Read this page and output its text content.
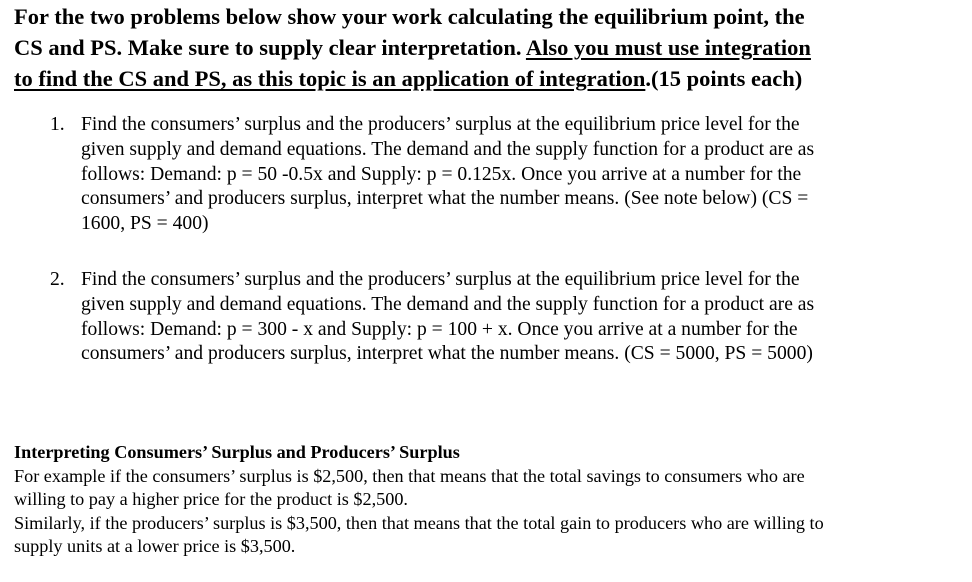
For the two problems below show your work calculating the equilibrium point, the
CS and PS. Make sure to supply clear interpretation. Also you must use integration
to find the CS and PS, as this topic is an application of integration.(15 points each)
1. Find the consumers’ surplus and the producers’ surplus at the equilibrium price level for the
given supply and demand equations. The demand and the supply function for a product are as
follows: Demand: p = 50 -0.5x and Supply: p = 0.125x. Once you arrive at a number for the
consumers’ and producers surplus, interpret what the number means. (See note below) (CS =
1600, PS = 400)
2. Find the consumers’ surplus and the producers’ surplus at the equilibrium price level for the
given supply and demand equations. The demand and the supply function for a product are as
follows: Demand: p = 300 - x and Supply: p = 100 + x. Once you arrive at a number for the
consumers’ and producers surplus, interpret what the number means. (CS = 5000, PS = 5000)
Interpreting Consumers’ Surplus and Producers’ Surplus
For example if the consumers’ surplus is $2,500, then that means that the total savings to consumers who are
willing to pay a higher price for the product is $2,500.
Similarly, if the producers’ surplus is $3,500, then that means that the total gain to producers who are willing to
supply units at a lower price is $3,500.
